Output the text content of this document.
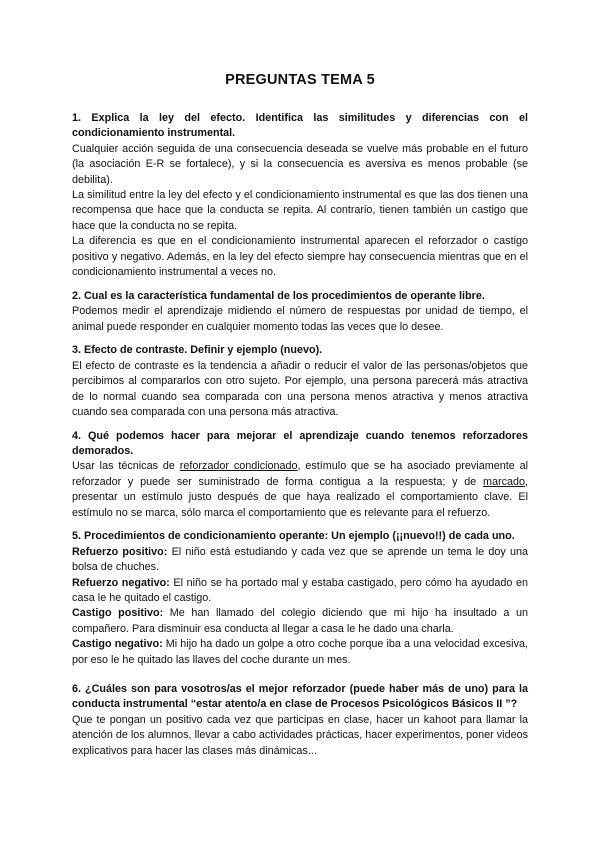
PREGUNTAS TEMA 5

1. Explica la ley del efecto. Identifica las similitudes y diferencias con el condicionamiento instrumental.

Cualquier acción seguida de una consecuencia deseada se vuelve más probable en el futuro (la asociación E-R se fortalece), y si la consecuencia es aversiva es menos probable (se debilita).

La similitud entre la ley del efecto y el condicionamiento instrumental es que las dos tienen una recompensa que hace que la conducta se repita. Al contrario, tienen también un castigo que hace que la conducta no se repita.

La diferencia es que en el condicionamiento instrumental aparecen el reforzador o castigo positivo y negativo. Además, en la ley del efecto siempre hay consecuencia mientras que en el condicionamiento instrumental a veces no.

2. Cual es la característica fundamental de los procedimientos de operante libre.

Podemos medir el aprendizaje midiendo el número de respuestas por unidad de tiempo, el animal puede responder en cualquier momento todas las veces que lo desee.

3. Efecto de contraste. Definir y ejemplo (nuevo).

El efecto de contraste es la tendencia a añadir o reducir el valor de las personas/objetos que percibimos al compararlos con otro sujeto. Por ejemplo, una persona parecerá más atractiva de lo normal cuando sea comparada con una persona menos atractiva y menos atractiva cuando sea comparada con una persona más atractiva.

4. Qué podemos hacer para mejorar el aprendizaje cuando tenemos reforzadores demorados.

Usar las técnicas de reforzador condicionado, estímulo que se ha asociado previamente al reforzador y puede ser suministrado de forma contigua a la respuesta; y de marcado, presentar un estímulo justo después de que haya realizado el comportamiento clave. El estímulo no se marca, sólo marca el comportamiento que es relevante para el refuerzo.

5. Procedimientos de condicionamiento operante: Un ejemplo (¡¡nuevo!!) de cada uno.

Refuerzo positivo: El niño está estudiando y cada vez que se aprende un tema le doy una bolsa de chuches.

Refuerzo negativo: El niño se ha portado mal y estaba castigado, pero cómo ha ayudado en casa le he quitado el castigo.

Castigo positivo: Me han llamado del colegio diciendo que mi hijo ha insultado a un compañero. Para disminuir esa conducta al llegar a casa le he dado una charla.

Castigo negativo: Mi hijo ha dado un golpe a otro coche porque iba a una velocidad excesiva, por eso le he quitado las llaves del coche durante un mes.

6. ¿Cuáles son para vosotros/as el mejor reforzador (puede haber más de uno) para la conducta instrumental “estar atento/a en clase de Procesos Psicológicos Básicos II ”?

Que te pongan un positivo cada vez que participas en clase, hacer un kahoot para llamar la atención de los alumnos, llevar a cabo actividades prácticas, hacer experimentos, poner videos explicativos para hacer las clases más dinámicas...
